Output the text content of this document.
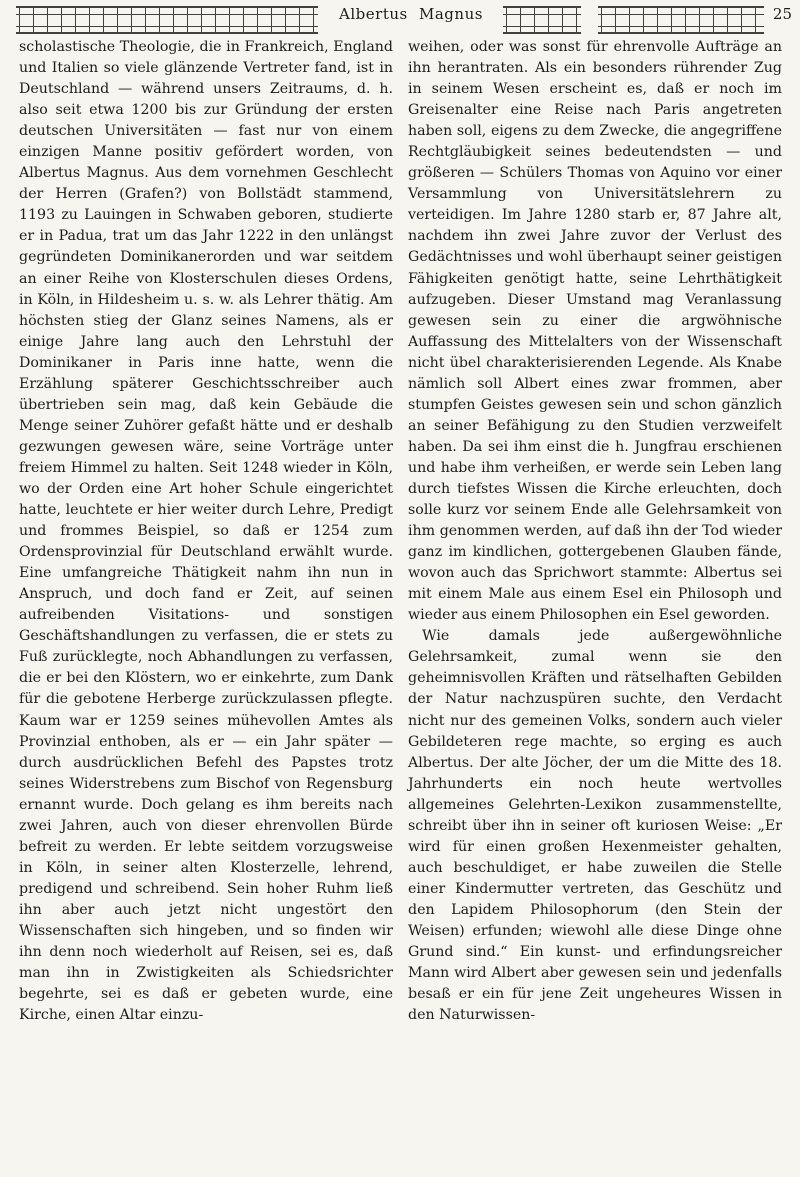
Albertus Magnus	25

scholastische Theologie, die in Frankreich, England und Italien so viele glänzende Vertreter fand, ist in Deutschland — während unsers Zeitraums, d. h. also seit etwa 1200 bis zur Gründung der ersten deutschen Universitäten — fast nur von einem einzigen Manne positiv gefördert worden, von Albertus Magnus. Aus dem vornehmen Geschlecht der Herren (Grafen?) von Bollstädt stammend, 1193 zu Lauingen in Schwaben geboren, studierte er in Padua, trat um das Jahr 1222 in den unlängst gegründeten Dominikanerorden und war seitdem an einer Reihe von Klosterschulen dieses Ordens, in Köln, in Hildesheim u. s. w. als Lehrer thätig. Am höchsten stieg der Glanz seines Namens, als er einige Jahre lang auch den Lehrstuhl der Dominikaner in Paris inne hatte, wenn die Erzählung späterer Geschichtsschreiber auch übertrieben sein mag, daß kein Gebäude die Menge seiner Zuhörer gefaßt hätte und er deshalb gezwungen gewesen wäre, seine Vorträge unter freiem Himmel zu halten. Seit 1248 wieder in Köln, wo der Orden eine Art hoher Schule eingerichtet hatte, leuchtete er hier weiter durch Lehre, Predigt und frommes Beispiel, so daß er 1254 zum Ordensprovinzial für Deutschland erwählt wurde. Eine umfangreiche Thätigkeit nahm ihn nun in Anspruch, und doch fand er Zeit, auf seinen aufreibenden Visitations- und sonstigen Geschäftshandlungen zu verfassen, die er stets zu Fuß zurücklegte, noch Abhandlungen zu verfassen, die er bei den Klöstern, wo er einkehrte, zum Dank für die gebotene Herberge zurückzulassen pflegte. Kaum war er 1259 seines mühevollen Amtes als Provinzial enthoben, als er — ein Jahr später — durch ausdrücklichen Befehl des Papstes trotz seines Widerstrebens zum Bischof von Regensburg ernannt wurde. Doch gelang es ihm bereits nach zwei Jahren, auch von dieser ehrenvollen Bürde befreit zu werden. Er lebte seitdem vorzugsweise in Köln, in seiner alten Klosterzelle, lehrend, predigend und schreibend. Sein hoher Ruhm ließ ihn aber auch jetzt nicht ungestört den Wissenschaften sich hingeben, und so finden wir ihn denn noch wiederholt auf Reisen, sei es, daß man ihn in Zwistigkeiten als Schiedsrichter begehrte, sei es daß er gebeten wurde, eine Kirche, einen Altar einzu-

weihen, oder was sonst für ehrenvolle Aufträge an ihn herantraten. Als ein besonders rührender Zug in seinem Wesen erscheint es, daß er noch im Greisenalter eine Reise nach Paris angetreten haben soll, eigens zu dem Zwecke, die angegriffene Rechtgläubigkeit seines bedeutendsten — und größeren — Schülers Thomas von Aquino vor einer Versammlung von Universitätslehrern zu verteidigen. Im Jahre 1280 starb er, 87 Jahre alt, nachdem ihn zwei Jahre zuvor der Verlust des Gedächtnisses und wohl überhaupt seiner geistigen Fähigkeiten genötigt hatte, seine Lehrthätigkeit aufzugeben. Dieser Umstand mag Veranlassung gewesen sein zu einer die argwöhnische Auffassung des Mittelalters von der Wissenschaft nicht übel charakterisierenden Legende. Als Knabe nämlich soll Albert eines zwar frommen, aber stumpfen Geistes gewesen sein und schon gänzlich an seiner Befähigung zu den Studien verzweifelt haben. Da sei ihm einst die h. Jungfrau erschienen und habe ihm verheißen, er werde sein Leben lang durch tiefstes Wissen die Kirche erleuchten, doch solle kurz vor seinem Ende alle Gelehrsamkeit von ihm genommen werden, auf daß ihn der Tod wieder ganz im kindlichen, gottergebenen Glauben fände, wovon auch das Sprichwort stammte: Albertus sei mit einem Male aus einem Esel ein Philosoph und wieder aus einem Philosophen ein Esel geworden.

Wie damals jede außergewöhnliche Gelehrsamkeit, zumal wenn sie den geheimnisvollen Kräften und rätselhaften Gebilden der Natur nachzuspüren suchte, den Verdacht nicht nur des gemeinen Volks, sondern auch vieler Gebildeteren rege machte, so erging es auch Albertus. Der alte Jöcher, der um die Mitte des 18. Jahrhunderts ein noch heute wertvolles allgemeines Gelehrten-Lexikon zusammenstellte, schreibt über ihn in seiner oft kuriosen Weise: „Er wird für einen großen Hexenmeister gehalten, auch beschuldiget, er habe zuweilen die Stelle einer Kindermutter vertreten, das Geschütz und den Lapidem Philosophorum (den Stein der Weisen) erfunden; wiewohl alle diese Dinge ohne Grund sind.“ Ein kunst- und erfindungsreicher Mann wird Albert aber gewesen sein und jedenfalls besaß er ein für jene Zeit ungeheures Wissen in den Naturwissen-
